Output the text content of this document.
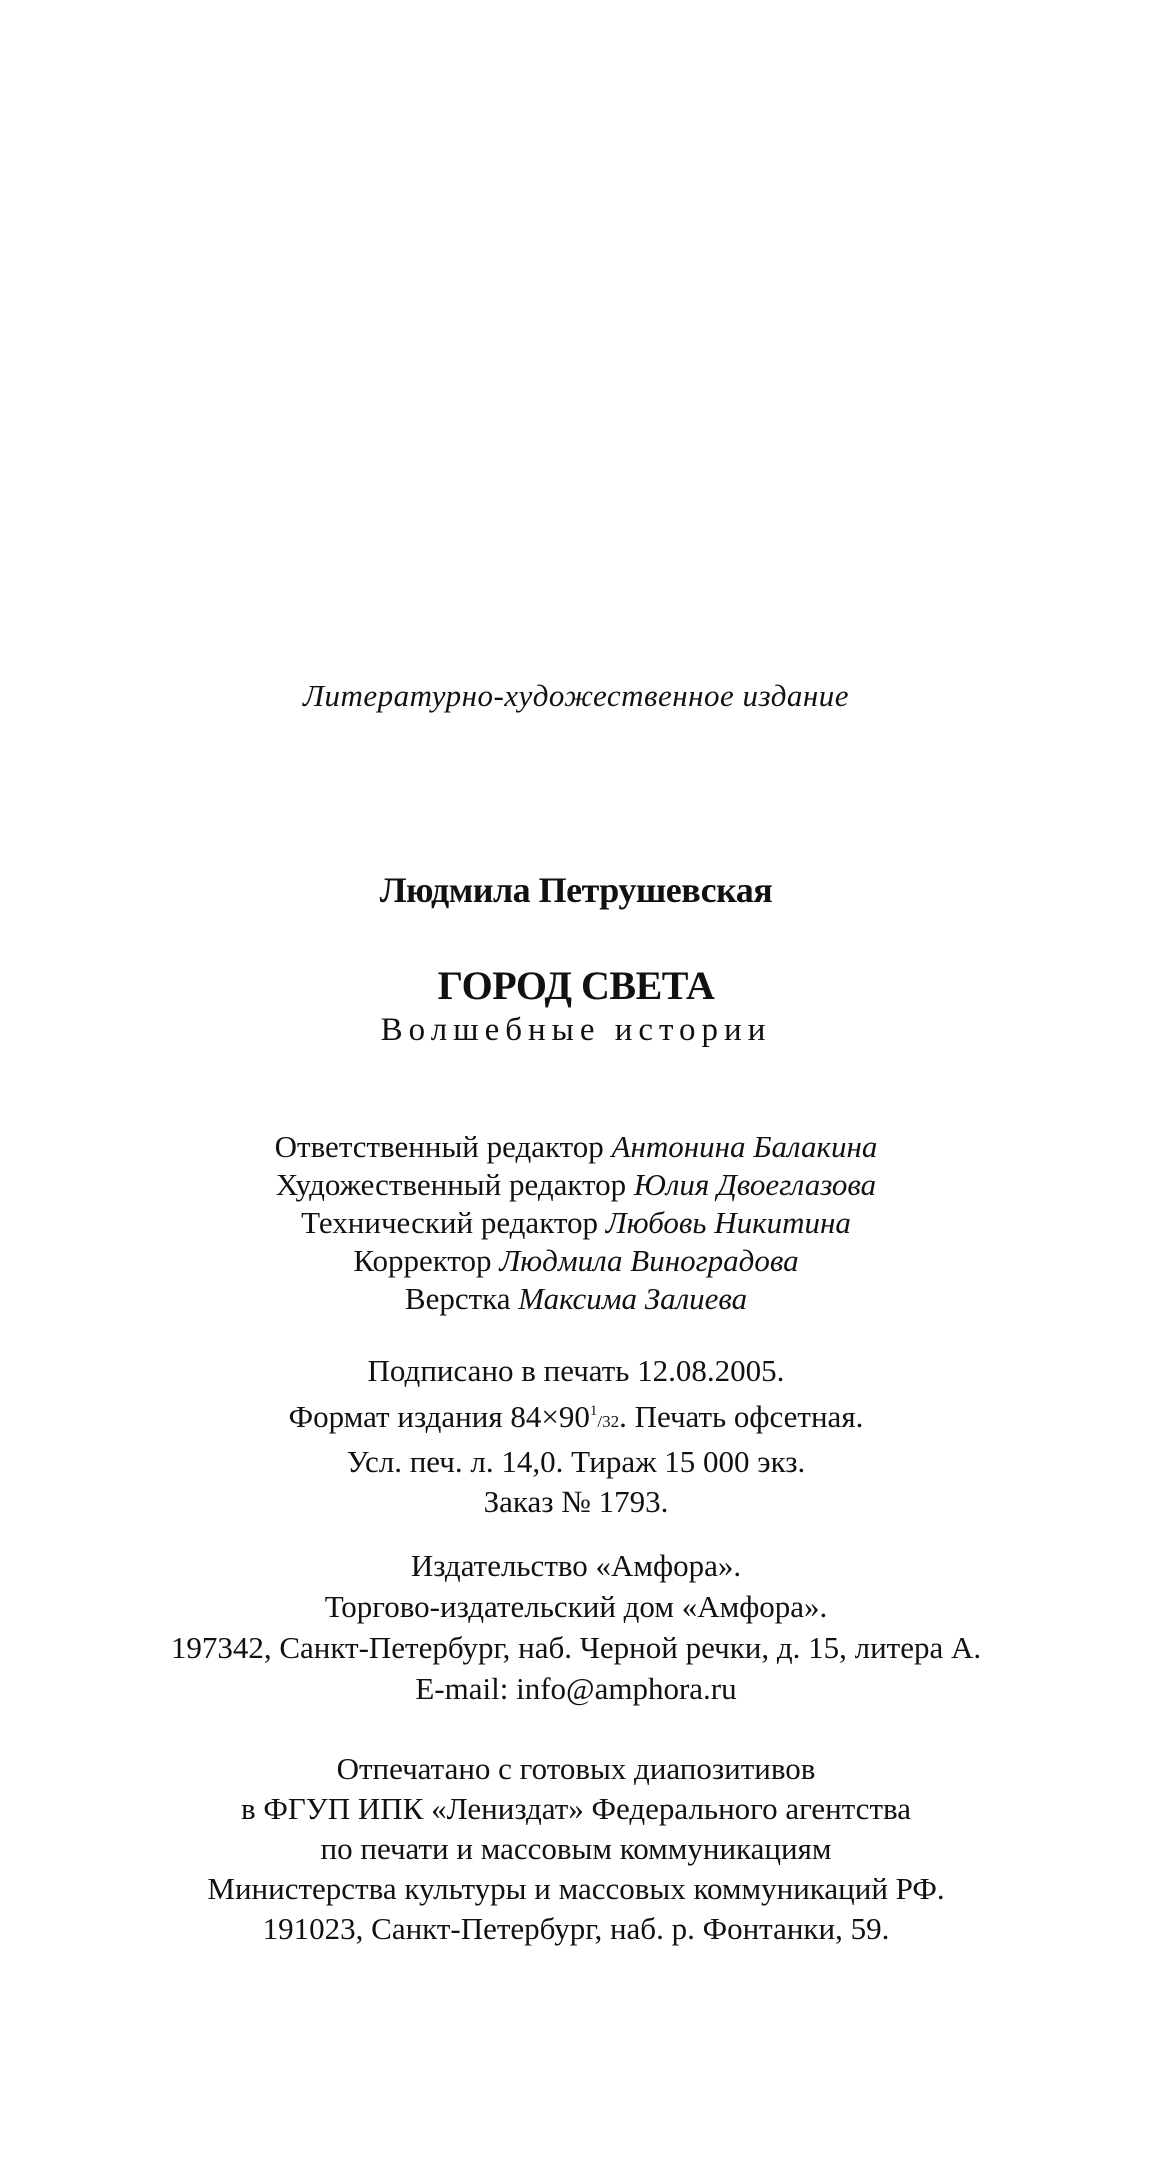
Литературно-художественное издание
Людмила Петрушевская
ГОРОД СВЕТА
Волшебные истории
Ответственный редактор Антонина Балакина
Художественный редактор Юлия Двоеглазова
Технический редактор Любовь Никитина
Корректор Людмила Виноградова
Верстка Максима Залиева
Подписано в печать 12.08.2005.
Формат издания $84\times 90^1/32$. Печать офсетная.
Усл. печ. л. 14,0. Тираж 15 000 экз.
Заказ № 1793.
Издательство «Амфора».
Торгово-издательский дом «Амфора».
197342, Санкт-Петербург, наб. Черной речки, д. 15, литера А.
E-mail: info@amphora.ru
Отпечатано с готовых диапозитивов
в ФГУП ИПК «Лениздат» Федерального агентства
по печати и массовым коммуникациям
Министерства культуры и массовых коммуникаций РФ.
191023, Санкт-Петербург, наб. р. Фонтанки, 59.
